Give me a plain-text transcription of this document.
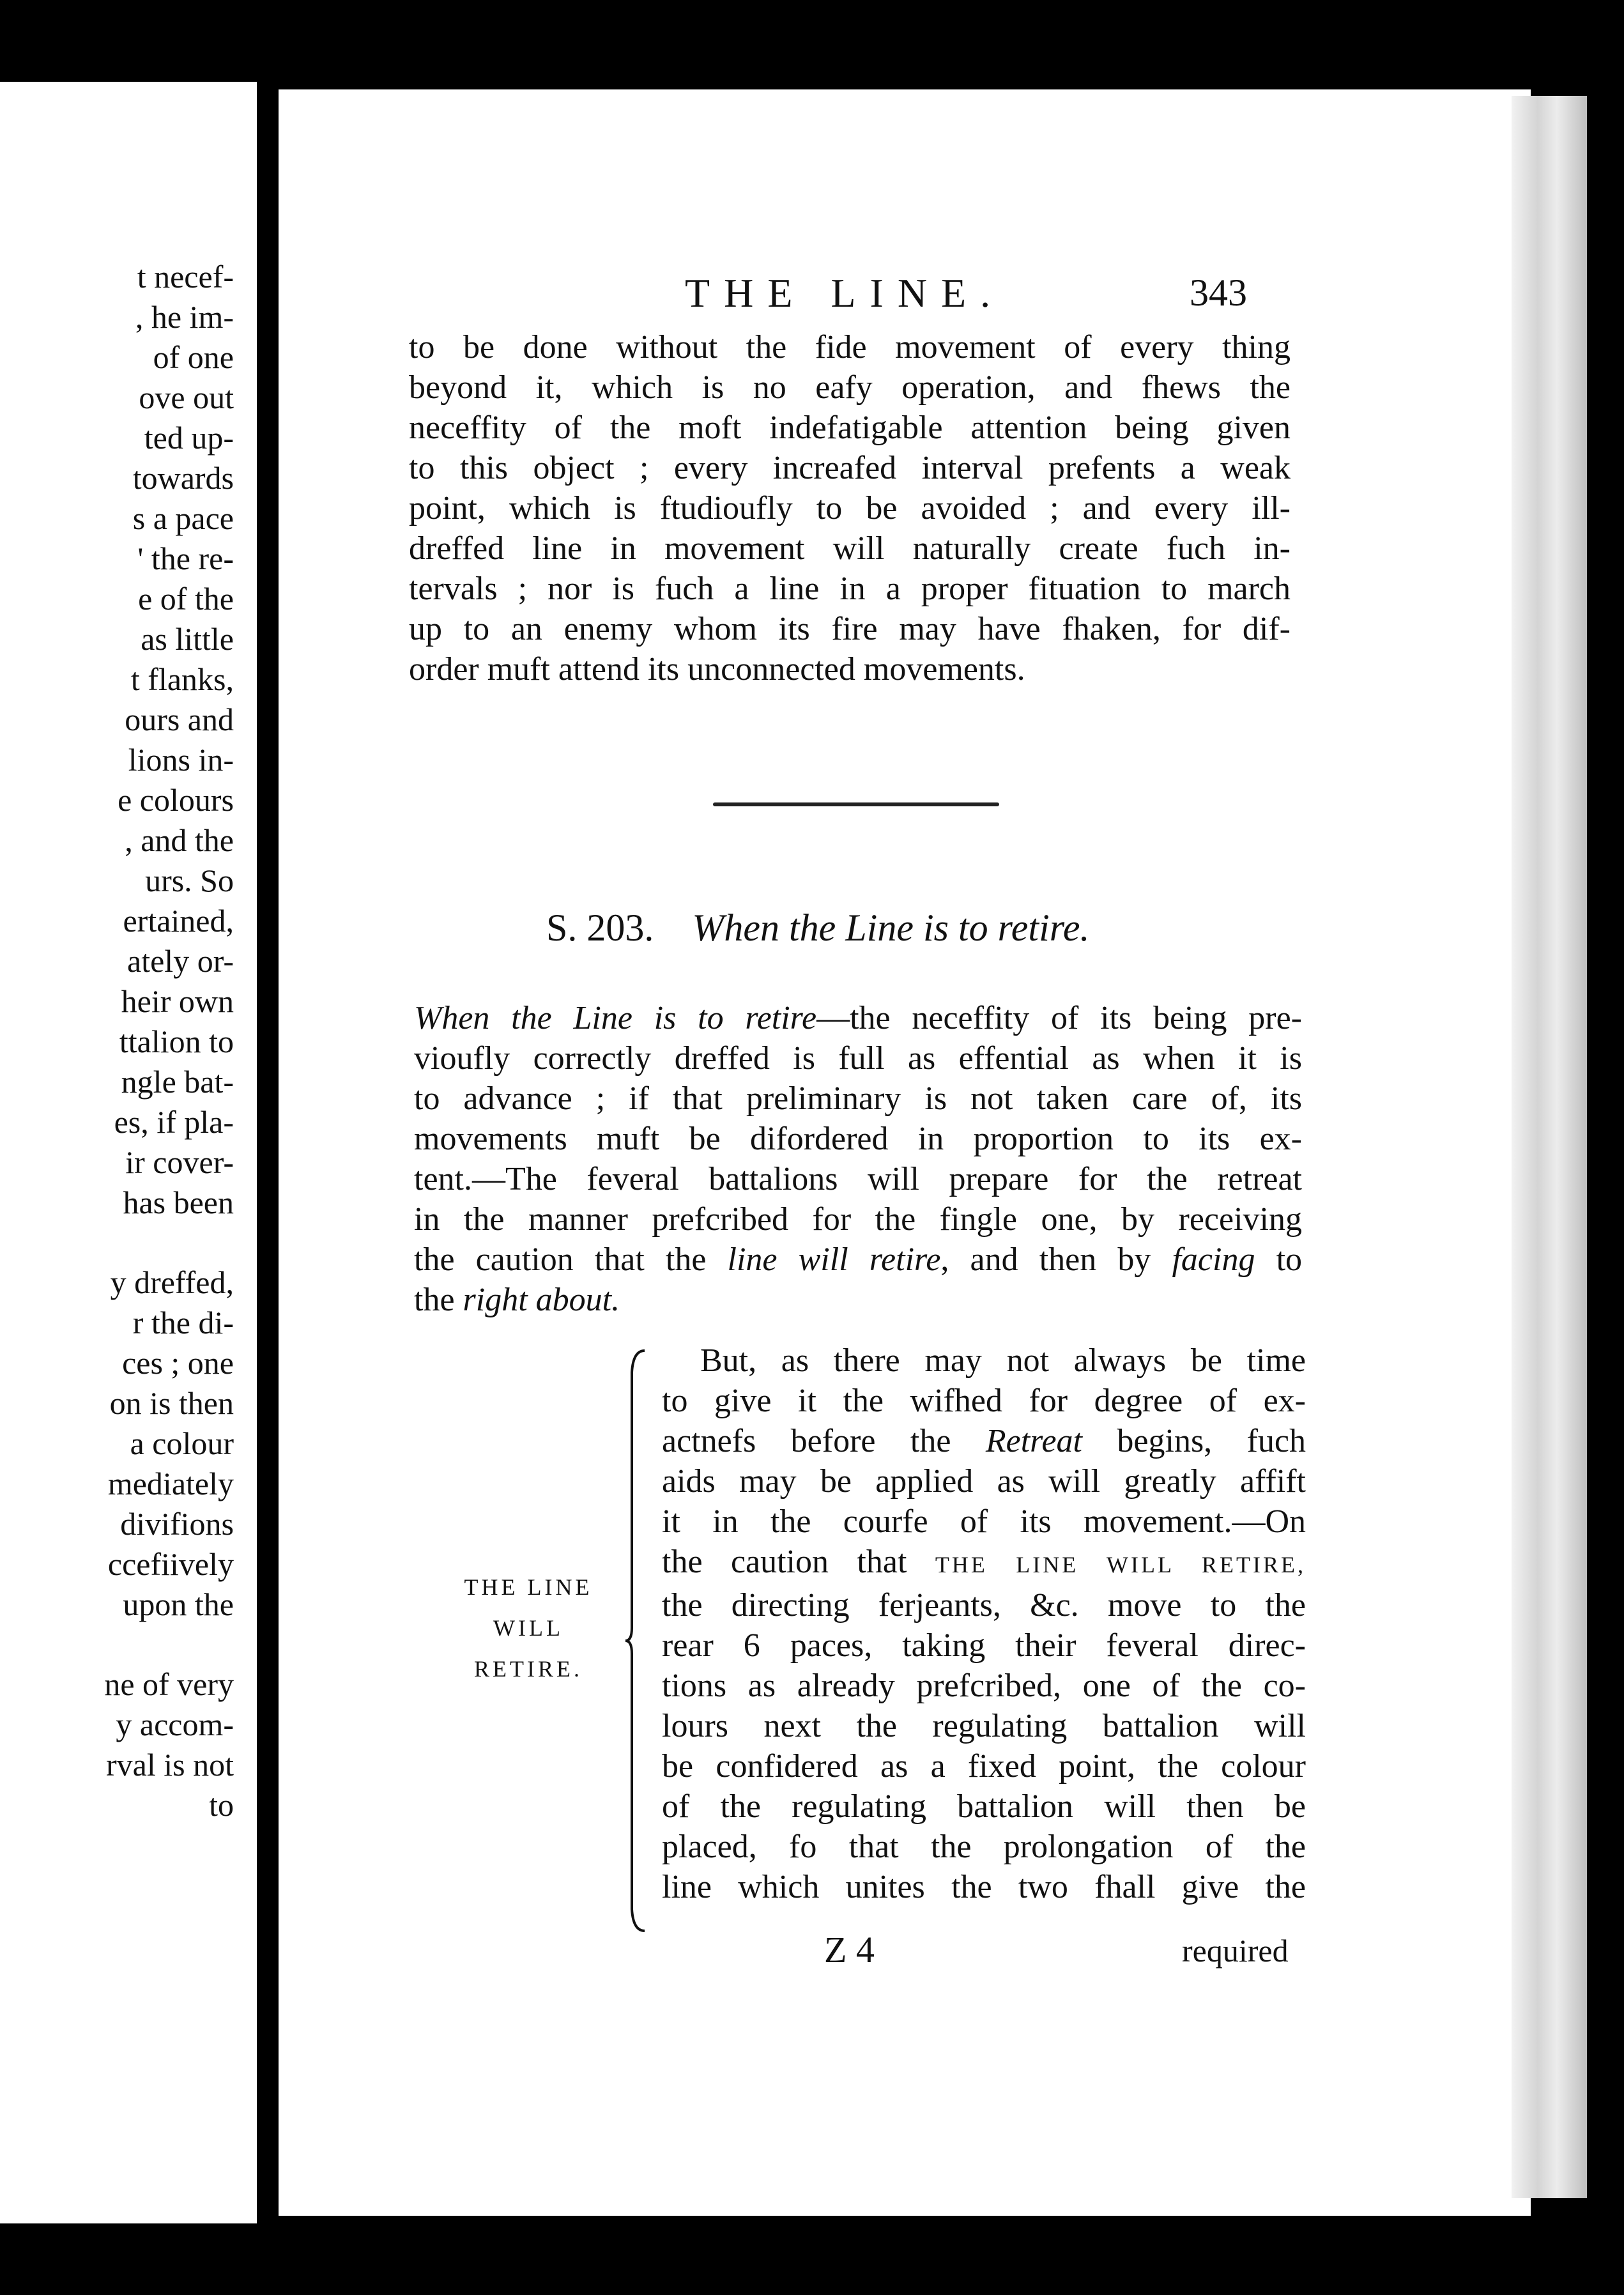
t necef-
, he im-
of one
ove out
ted up-
towards
s a pace
' the re-
e of the
as little
t flanks,
ours and
lions in-
e colours
, and the
urs. So
ertained,
ately or-
heir own
ttalion to
ngle bat-
es, if pla-
ir cover-
has been
y dreffed,
r the di-
ces ; one
on is then
a colour
mediately
divifions
ccefiively
upon the
ne of very
y accom-
rval is not
to
THE LINE.	343

to be done without the fide movement of every thing
beyond it, which is no eafy operation, and fhews the
neceffity of the moft indefatigable attention being given
to this object ; every increafed interval prefents a weak
point, which is ftudioufly to be avoided ; and every ill-
dreffed line in movement will naturally create fuch in-
tervals ; nor is fuch a line in a proper fituation to march
up to an enemy whom its fire may have fhaken, for dif-
order muft attend its unconnected movements.

S. 203. When the Line is to retire.

When the Line is to retire—the neceffity of its being pre-
vioufly correctly dreffed is full as effential as when it is
to advance ; if that preliminary is not taken care of, its
movements muft be difordered in proportion to its ex-
tent.—The feveral battalions will prepare for the retreat
in the manner prefcribed for the fingle one, by receiving
the caution that the line will retire, and then by facing to
the right about.

THE LINE
WILL
RETIRE.

But, as there may not always be time
to give it the wifhed for degree of ex-
actnefs before the Retreat begins, fuch
aids may be applied as will greatly affift
it in the courfe of its movement.—On
the caution that THE LINE WILL RETIRE,
the directing ferjeants, &c. move to the
rear 6 paces, taking their feveral direc-
tions as already prefcribed, one of the co-
lours next the regulating battalion will
be confidered as a fixed point, the colour
of the regulating battalion will then be
placed, fo that the prolongation of the
line which unites the two fhall give the

Z 4	required
